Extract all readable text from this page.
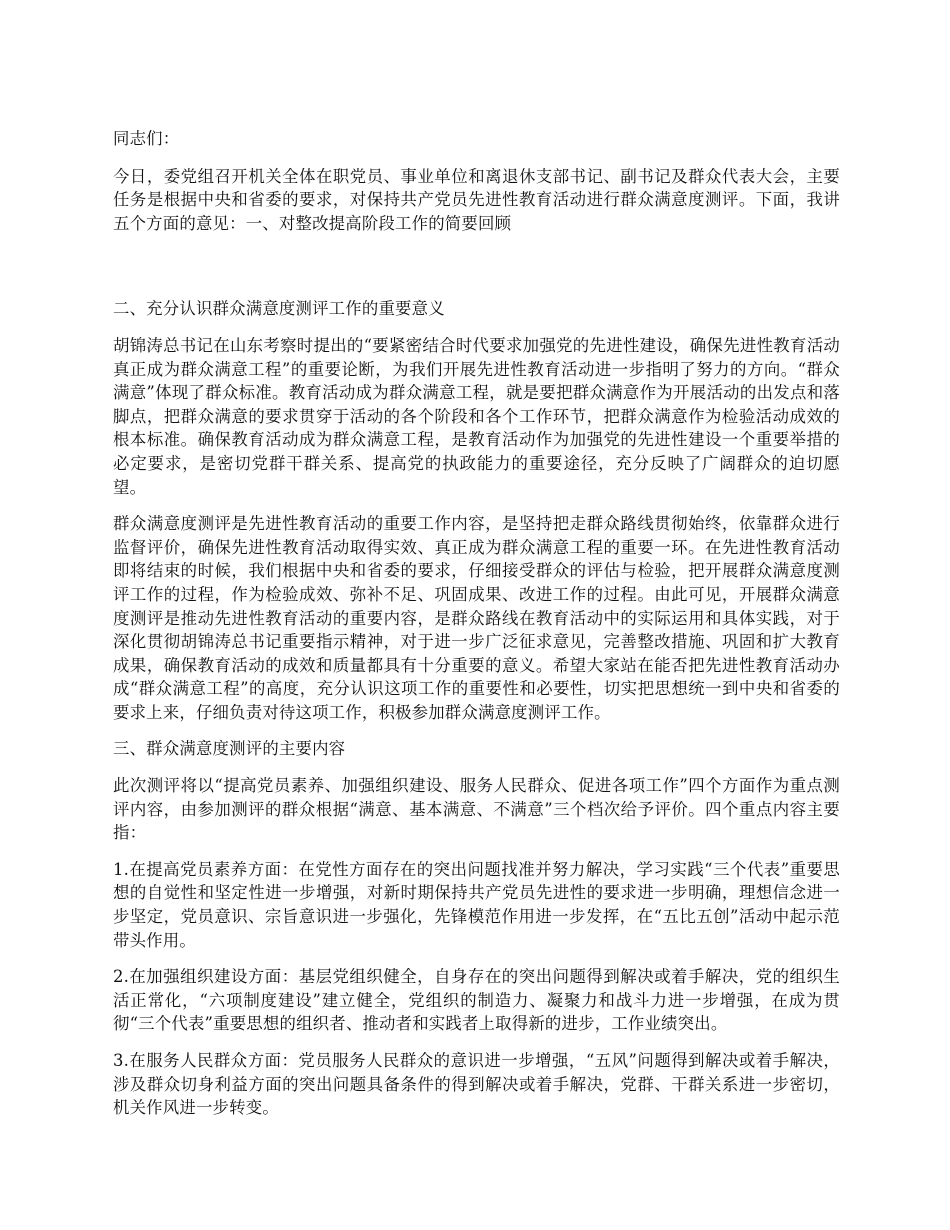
同志们：

今日，委党组召开机关全体在职党员、事业单位和离退休支部书记、副书记及群众代表大会，主要任务是根据中央和省委的要求，对保持共产党员先进性教育活动进行群众满意度测评。下面，我讲五个方面的意见：一、对整改提高阶段工作的简要回顾

二、充分认识群众满意度测评工作的重要意义

胡锦涛总书记在山东考察时提出的“要紧密结合时代要求加强党的先进性建设，确保先进性教育活动真正成为群众满意工程”的重要论断，为我们开展先进性教育活动进一步指明了努力的方向。“群众满意”体现了群众标准。教育活动成为群众满意工程，就是要把群众满意作为开展活动的出发点和落脚点，把群众满意的要求贯穿于活动的各个阶段和各个工作环节，把群众满意作为检验活动成效的根本标准。确保教育活动成为群众满意工程，是教育活动作为加强党的先进性建设一个重要举措的必定要求，是密切党群干群关系、提高党的执政能力的重要途径，充分反映了广阔群众的迫切愿望。

群众满意度测评是先进性教育活动的重要工作内容，是坚持把走群众路线贯彻始终，依靠群众进行监督评价，确保先进性教育活动取得实效、真正成为群众满意工程的重要一环。在先进性教育活动即将结束的时候，我们根据中央和省委的要求，仔细接受群众的评估与检验，把开展群众满意度测评工作的过程，作为检验成效、弥补不足、巩固成果、改进工作的过程。由此可见，开展群众满意度测评是推动先进性教育活动的重要内容，是群众路线在教育活动中的实际运用和具体实践，对于深化贯彻胡锦涛总书记重要指示精神，对于进一步广泛征求意见，完善整改措施、巩固和扩大教育成果，确保教育活动的成效和质量都具有十分重要的意义。希望大家站在能否把先进性教育活动办成“群众满意工程”的高度，充分认识这项工作的重要性和必要性，切实把思想统一到中央和省委的要求上来，仔细负责对待这项工作，积极参加群众满意度测评工作。

三、群众满意度测评的主要内容

此次测评将以“提高党员素养、加强组织建设、服务人民群众、促进各项工作”四个方面作为重点测评内容，由参加测评的群众根据“满意、基本满意、不满意”三个档次给予评价。四个重点内容主要指：

1.在提高党员素养方面：在党性方面存在的突出问题找准并努力解决，学习实践“三个代表”重要思想的自觉性和坚定性进一步增强，对新时期保持共产党员先进性的要求进一步明确，理想信念进一步坚定，党员意识、宗旨意识进一步强化，先锋模范作用进一步发挥，在“五比五创”活动中起示范带头作用。

2.在加强组织建设方面：基层党组织健全，自身存在的突出问题得到解决或着手解决，党的组织生活正常化，“六项制度建设”建立健全，党组织的制造力、凝聚力和战斗力进一步增强，在成为贯彻“三个代表”重要思想的组织者、推动者和实践者上取得新的进步，工作业绩突出。

3.在服务人民群众方面：党员服务人民群众的意识进一步增强，“五风”问题得到解决或着手解决，涉及群众切身利益方面的突出问题具备条件的得到解决或着手解决，党群、干群关系进一步密切，机关作风进一步转变。
